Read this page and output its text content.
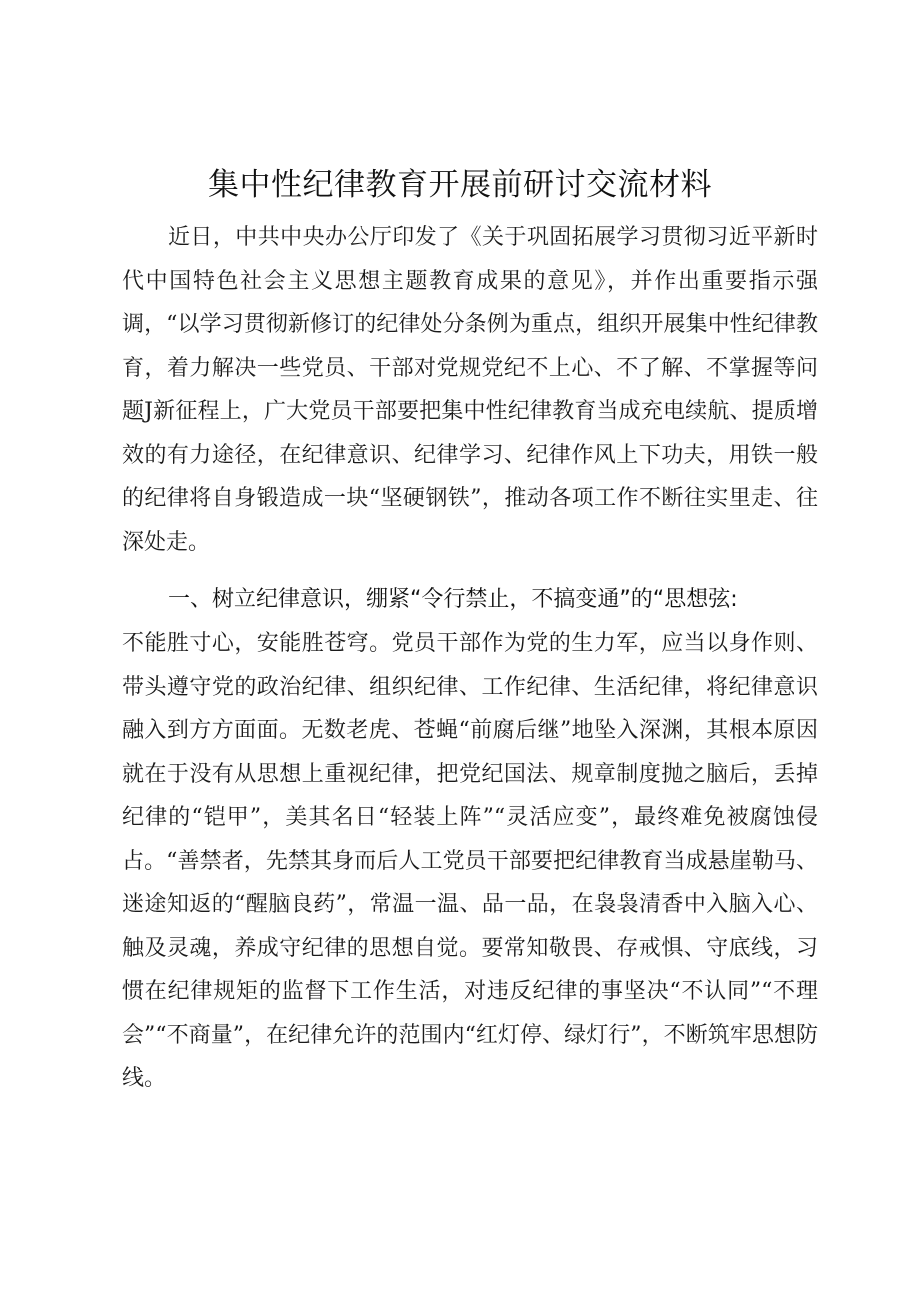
集中性纪律教育开展前研讨交流材料

近日，中共中央办公厅印发了《关于巩固拓展学习贯彻习近平新时代中国特色社会主义思想主题教育成果的意见》，并作出重要指示强调，“以学习贯彻新修订的纪律处分条例为重点，组织开展集中性纪律教育，着力解决一些党员、干部对党规党纪不上心、不了解、不掌握等问题J新征程上，广大党员干部要把集中性纪律教育当成充电续航、提质增效的有力途径，在纪律意识、纪律学习、纪律作风上下功夫，用铁一般的纪律将自身锻造成一块“坚硬钢铁”，推动各项工作不断往实里走、往深处走。

一、树立纪律意识，绷紧“令行禁止，不搞变通”的“思想弦:

不能胜寸心，安能胜苍穹。党员干部作为党的生力军，应当以身作则、带头遵守党的政治纪律、组织纪律、工作纪律、生活纪律，将纪律意识融入到方方面面。无数老虎、苍蝇“前腐后继”地坠入深渊，其根本原因就在于没有从思想上重视纪律，把党纪国法、规章制度抛之脑后，丢掉纪律的“铠甲”，美其名日“轻装上阵”“灵活应变”，最终难免被腐蚀侵占。“善禁者，先禁其身而后人工党员干部要把纪律教育当成悬崖勒马、迷途知返的“醒脑良药”，常温一温、品一品，在袅袅清香中入脑入心、触及灵魂，养成守纪律的思想自觉。要常知敬畏、存戒惧、守底线，习惯在纪律规矩的监督下工作生活，对违反纪律的事坚决“不认同”“不理会”“不商量”，在纪律允许的范围内“红灯停、绿灯行”，不断筑牢思想防线。
